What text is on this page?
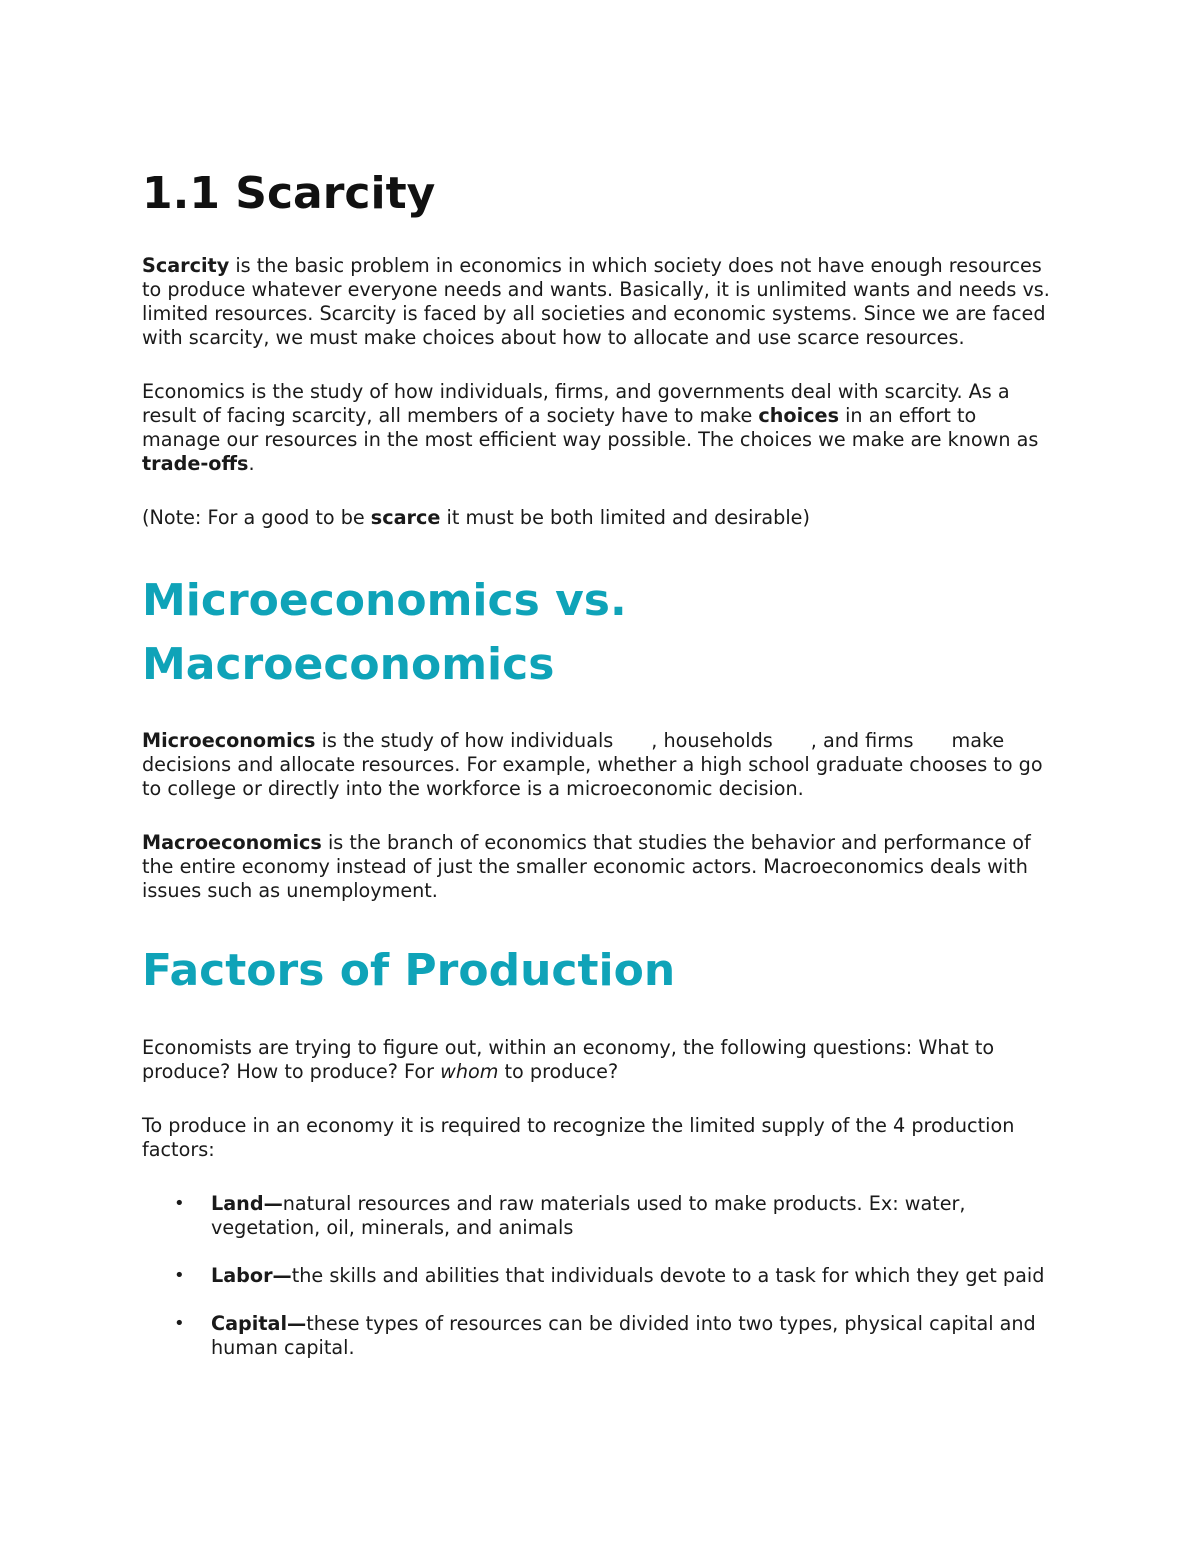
1.1 Scarcity

Scarcity is the basic problem in economics in which society does not have enough resources to produce whatever everyone needs and wants. Basically, it is unlimited wants and needs vs. limited resources. Scarcity is faced by all societies and economic systems. Since we are faced with scarcity, we must make choices about how to allocate and use scarce resources.

Economics is the study of how individuals, firms, and governments deal with scarcity. As a result of facing scarcity, all members of a society have to make choices in an effort to manage our resources in the most efficient way possible. The choices we make are known as trade-offs.

(Note: For a good to be scarce it must be both limited and desirable)

Microeconomics vs.
Macroeconomics

Microeconomics is the study of how individuals , households , and firms make decisions and allocate resources. For example, whether a high school graduate chooses to go to college or directly into the workforce is a microeconomic decision.

Macroeconomics is the branch of economics that studies the behavior and performance of the entire economy instead of just the smaller economic actors. Macroeconomics deals with issues such as unemployment.

Factors of Production

Economists are trying to figure out, within an economy, the following questions: What to produce? How to produce? For whom to produce?

To produce in an economy it is required to recognize the limited supply of the 4 production factors:

• Land—natural resources and raw materials used to make products. Ex: water, vegetation, oil, minerals, and animals
• Labor—the skills and abilities that individuals devote to a task for which they get paid
• Capital—these types of resources can be divided into two types, physical capital and human capital.
